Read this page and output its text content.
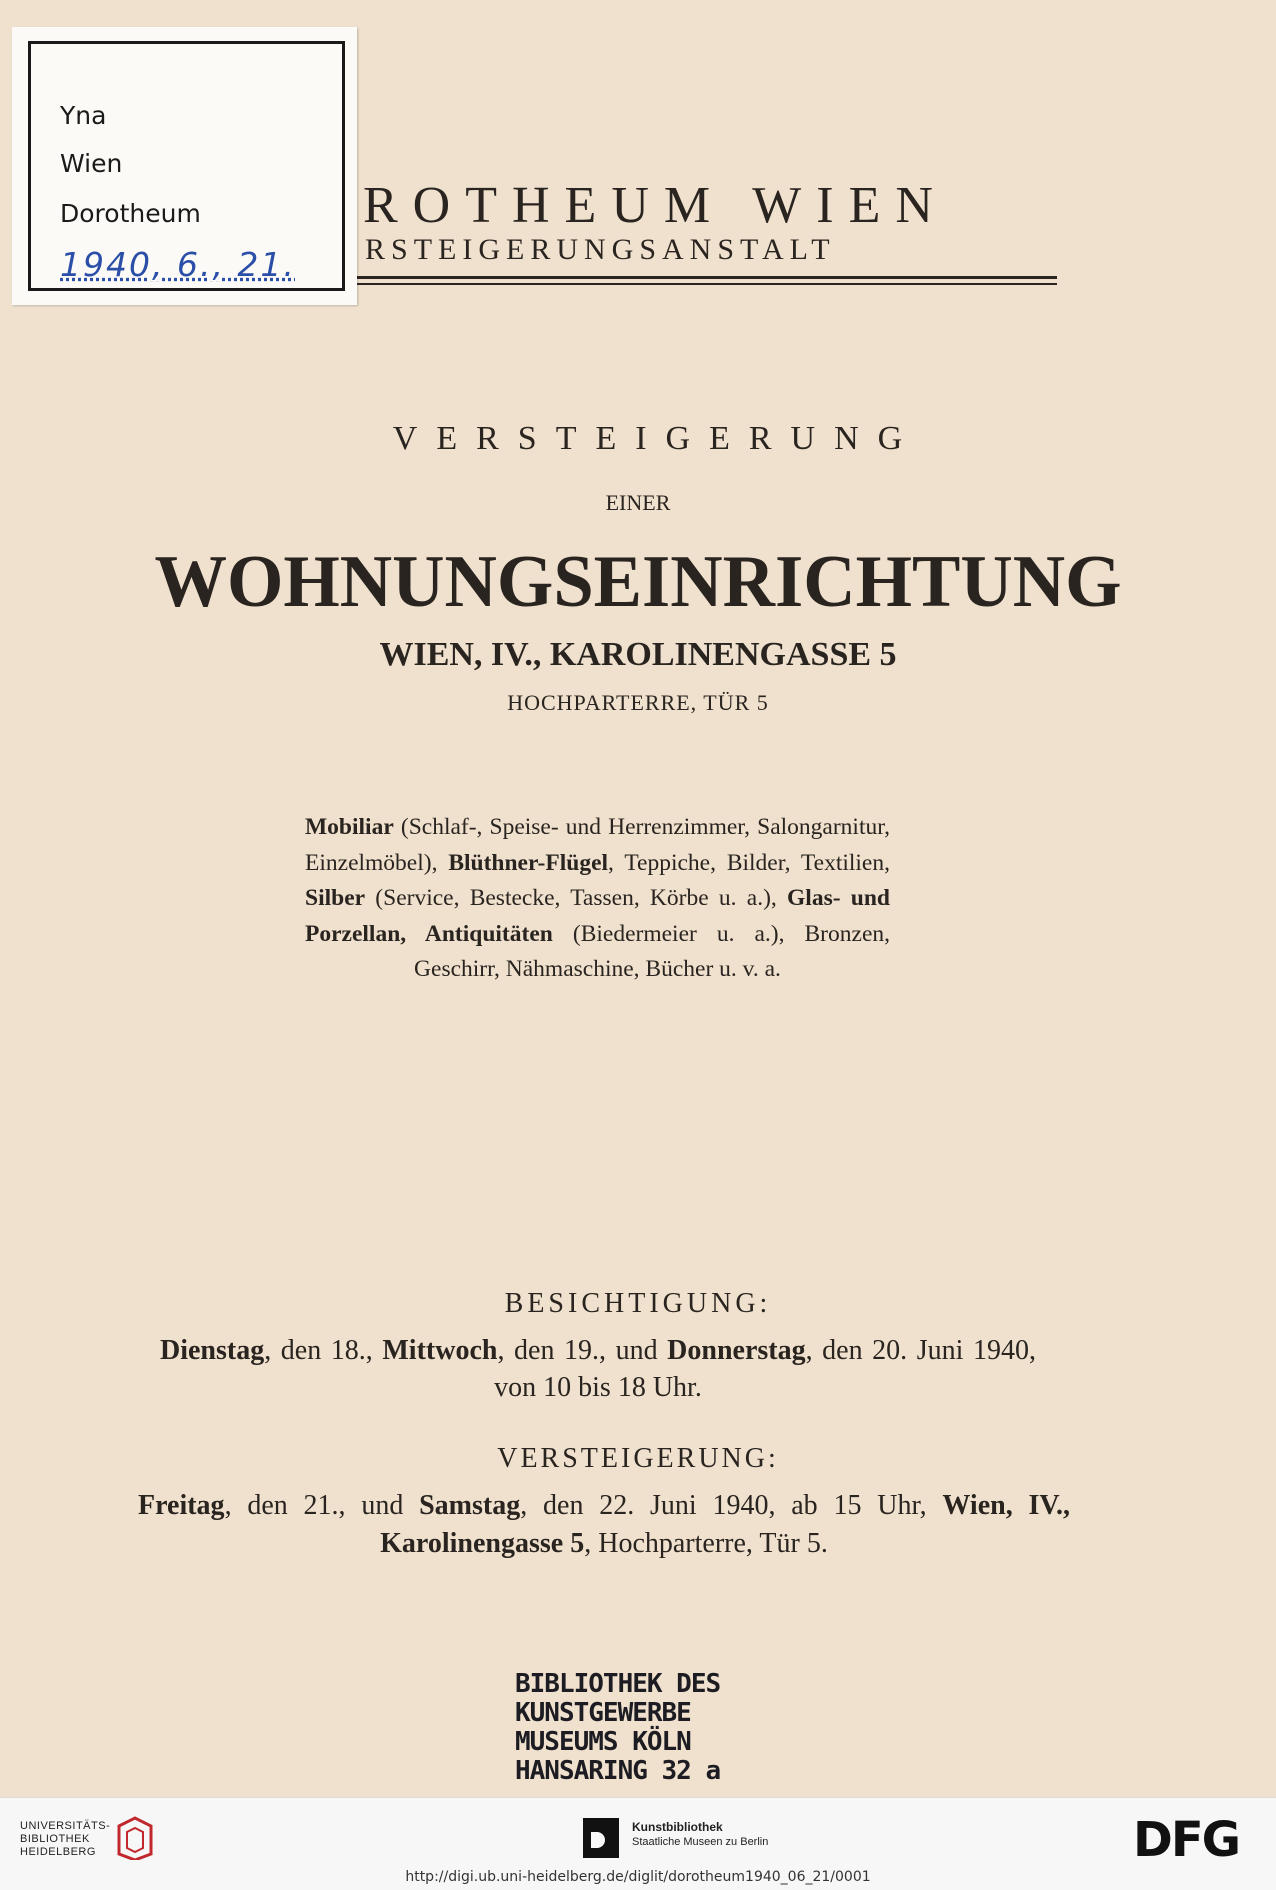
Yna
Wien
Dorotheum
1940, 6., 21.
ROTHEUM WIEN
RSTEIGERUNGSANSTALT
VERSTEIGERUNG
EINER
WOHNUNGSEINRICHTUNG
WIEN, IV., KAROLINENGASSE 5
HOCHPARTERRE, TÜR 5
Mobiliar (Schlaf-, Speise- und Herrenzimmer, Salongarnitur, Einzelmöbel), Blüthner-Flügel, Teppiche, Bilder, Textilien, Silber (Service, Bestecke, Tassen, Körbe u. a.), Glas- und Porzellan, Antiquitäten (Biedermeier u. a.), Bronzen, Geschirr, Nähmaschine, Bücher u. v. a.
BESICHTIGUNG:
Dienstag, den 18., Mittwoch, den 19., und Donnerstag, den 20. Juni 1940, von 10 bis 18 Uhr.
VERSTEIGERUNG:
Freitag, den 21., und Samstag, den 22. Juni 1940, ab 15 Uhr, Wien, IV., Karolinengasse 5, Hochparterre, Tür 5.
BIBLIOTHEK DES
KUNSTGEWERBE
MUSEUMS KÖLN
HANSARING 32 a
UNIVERSITÄTS-
BIBLIOTHEK
HEIDELBERG
Kunstbibliothek
Staatliche Museen zu Berlin	DFG
http://digi.ub.uni-heidelberg.de/diglit/dorotheum1940_06_21/0001
